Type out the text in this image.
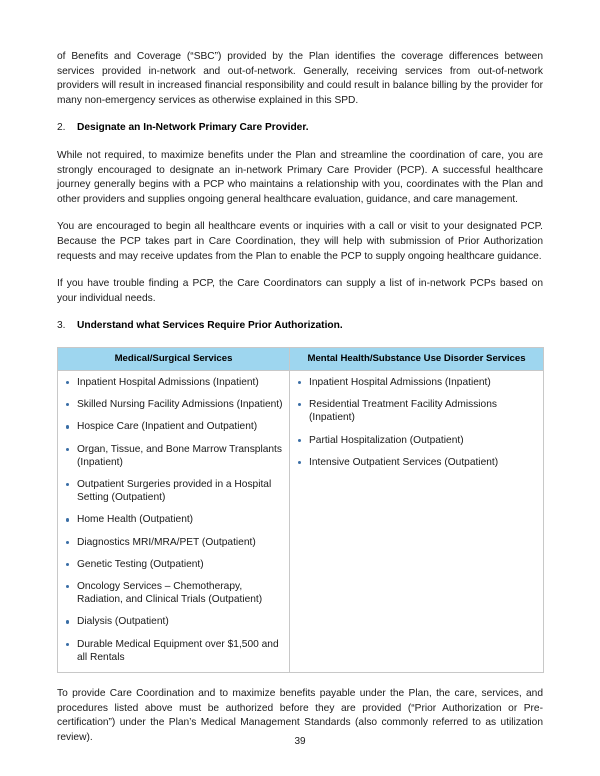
of Benefits and Coverage (“SBC”) provided by the Plan identifies the coverage differences between services provided in-network and out-of-network. Generally, receiving services from out-of-network providers will result in increased financial responsibility and could result in balance billing by the provider for many non-emergency services as otherwise explained in this SPD.

2.	Designate an In-Network Primary Care Provider.

While not required, to maximize benefits under the Plan and streamline the coordination of care, you are strongly encouraged to designate an in-network Primary Care Provider (PCP). A successful healthcare journey generally begins with a PCP who maintains a relationship with you, coordinates with the Plan and other providers and supplies ongoing general healthcare evaluation, guidance, and care management.

You are encouraged to begin all healthcare events or inquiries with a call or visit to your designated PCP. Because the PCP takes part in Care Coordination, they will help with submission of Prior Authorization requests and may receive updates from the Plan to enable the PCP to supply ongoing healthcare guidance.

If you have trouble finding a PCP, the Care Coordinators can supply a list of in-network PCPs based on your individual needs.

3.	Understand what Services Require Prior Authorization.
Medical/Surgical Services	Mental Health/Substance Use Disorder Services

Inpatient Hospital Admissions (Inpatient)
Skilled Nursing Facility Admissions (Inpatient)
Hospice Care (Inpatient and Outpatient)
Organ, Tissue, and Bone Marrow Transplants (Inpatient)
Outpatient Surgeries provided in a Hospital Setting (Outpatient)
Home Health (Outpatient)
Diagnostics MRI/MRA/PET (Outpatient)
Genetic Testing (Outpatient)
Oncology Services – Chemotherapy, Radiation, and Clinical Trials (Outpatient)
Dialysis (Outpatient)
Durable Medical Equipment over $1,500 and all Rentals

Inpatient Hospital Admissions (Inpatient)
Residential Treatment Facility Admissions (Inpatient)
Partial Hospitalization (Outpatient)
Intensive Outpatient Services (Outpatient)

To provide Care Coordination and to maximize benefits payable under the Plan, the care, services, and procedures listed above must be authorized before they are provided (“Prior Authorization or Pre-certification”) under the Plan’s Medical Management Standards (also commonly referred to as utilization review).	39
